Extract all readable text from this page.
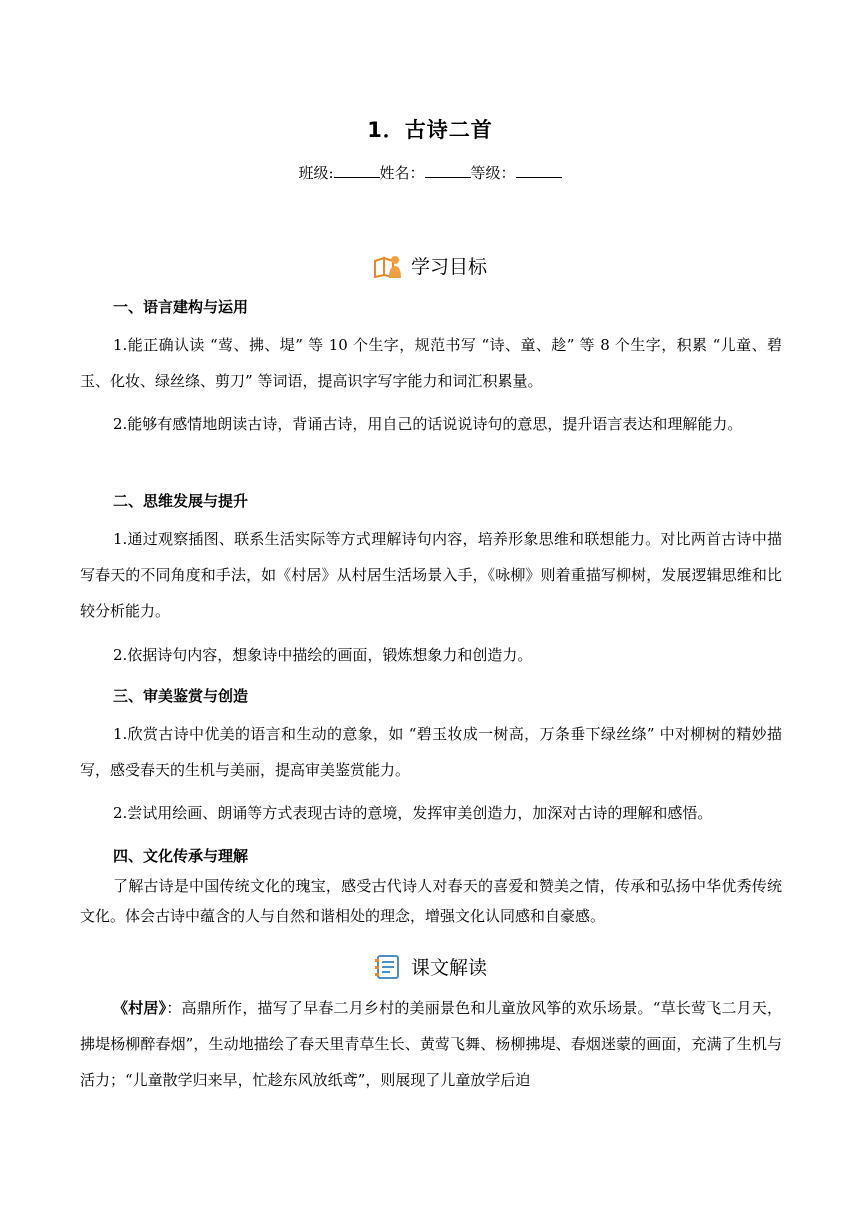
1．古诗二首
班级:	姓名：	等级：
学习目标
一、语言建构与运用
1.能正确认读 “莺、拂、堤” 等 10 个生字，规范书写 “诗、童、趁” 等 8 个生字，积累 “儿童、碧玉、化妆、绿丝绦、剪刀” 等词语，提高识字写字能力和词汇积累量。
2.能够有感情地朗读古诗，背诵古诗，用自己的话说说诗句的意思，提升语言表达和理解能力。
二、思维发展与提升
1.通过观察插图、联系生活实际等方式理解诗句内容，培养形象思维和联想能力。对比两首古诗中描写春天的不同角度和手法，如《村居》从村居生活场景入手，《咏柳》则着重描写柳树，发展逻辑思维和比较分析能力。
2.依据诗句内容，想象诗中描绘的画面，锻炼想象力和创造力。
三、审美鉴赏与创造
1.欣赏古诗中优美的语言和生动的意象，如 “碧玉妆成一树高，万条垂下绿丝绦” 中对柳树的精妙描写，感受春天的生机与美丽，提高审美鉴赏能力。
2.尝试用绘画、朗诵等方式表现古诗的意境，发挥审美创造力，加深对古诗的理解和感悟。
四、文化传承与理解
了解古诗是中国传统文化的瑰宝，感受古代诗人对春天的喜爱和赞美之情，传承和弘扬中华优秀传统文化。体会古诗中蕴含的人与自然和谐相处的理念，增强文化认同感和自豪感。
课文解读
《村居》：高鼎所作，描写了早春二月乡村的美丽景色和儿童放风筝的欢乐场景。“草长莺飞二月天，拂堤杨柳醉春烟”，生动地描绘了春天里青草生长、黄莺飞舞、杨柳拂堤、春烟迷蒙的画面，充满了生机与活力；“儿童散学归来早，忙趁东风放纸鸢”，则展现了儿童放学后迫
